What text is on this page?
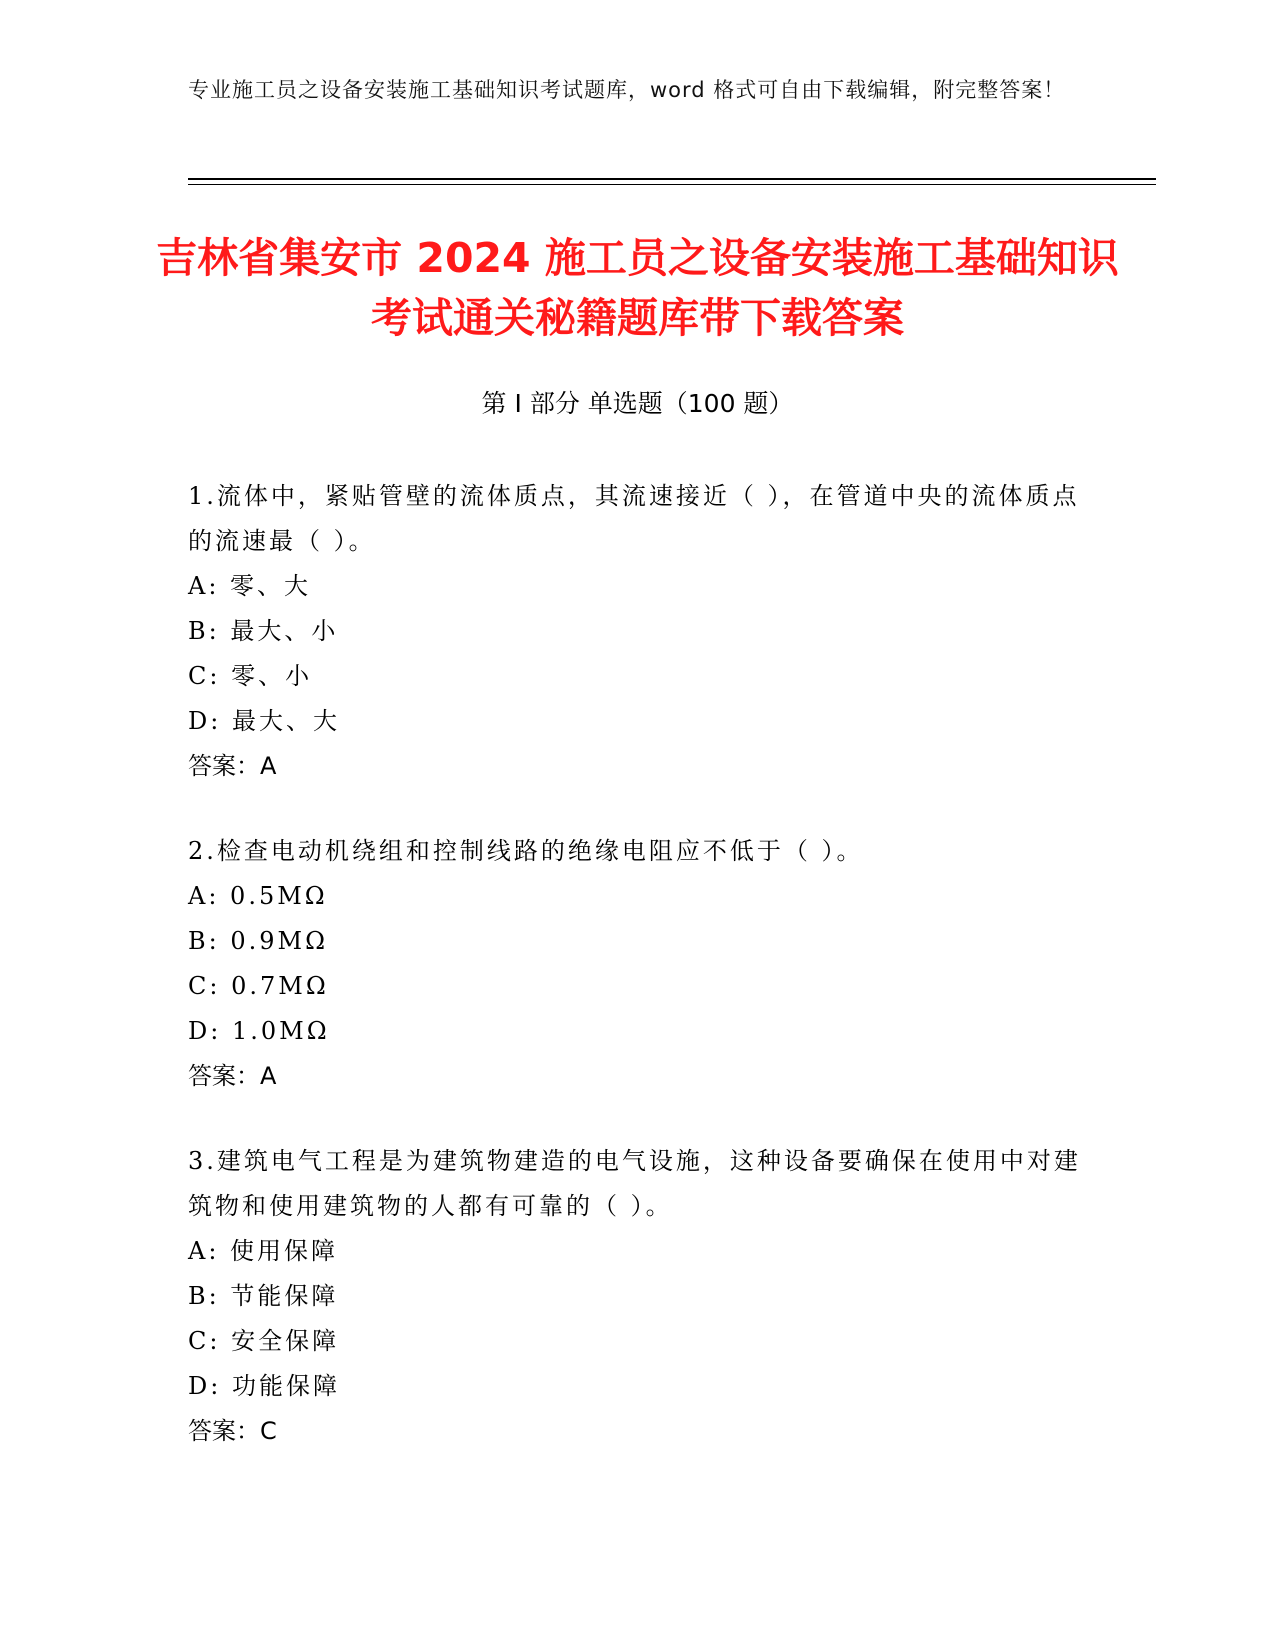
专业施工员之设备安装施工基础知识考试题库，word 格式可自由下载编辑，附完整答案！
吉林省集安市 2024 施工员之设备安装施工基础知识考试通关秘籍题库带下载答案
第 I 部分 单选题（100 题）

1.流体中，紧贴管壁的流体质点，其流速接近（ ），在管道中央的流体质点的流速最（ ）。

A: 零、大

B: 最大、小

C: 零、小

D: 最大、大

答案：A

2.检查电动机绕组和控制线路的绝缘电阻应不低于（ ）。

A: 0.5MΩ

B: 0.9MΩ

C: 0.7MΩ

D: 1.0MΩ

答案：A

3.建筑电气工程是为建筑物建造的电气设施，这种设备要确保在使用中对建筑物和使用建筑物的人都有可靠的（ ）。

A: 使用保障

B: 节能保障

C: 安全保障

D: 功能保障

答案：C
